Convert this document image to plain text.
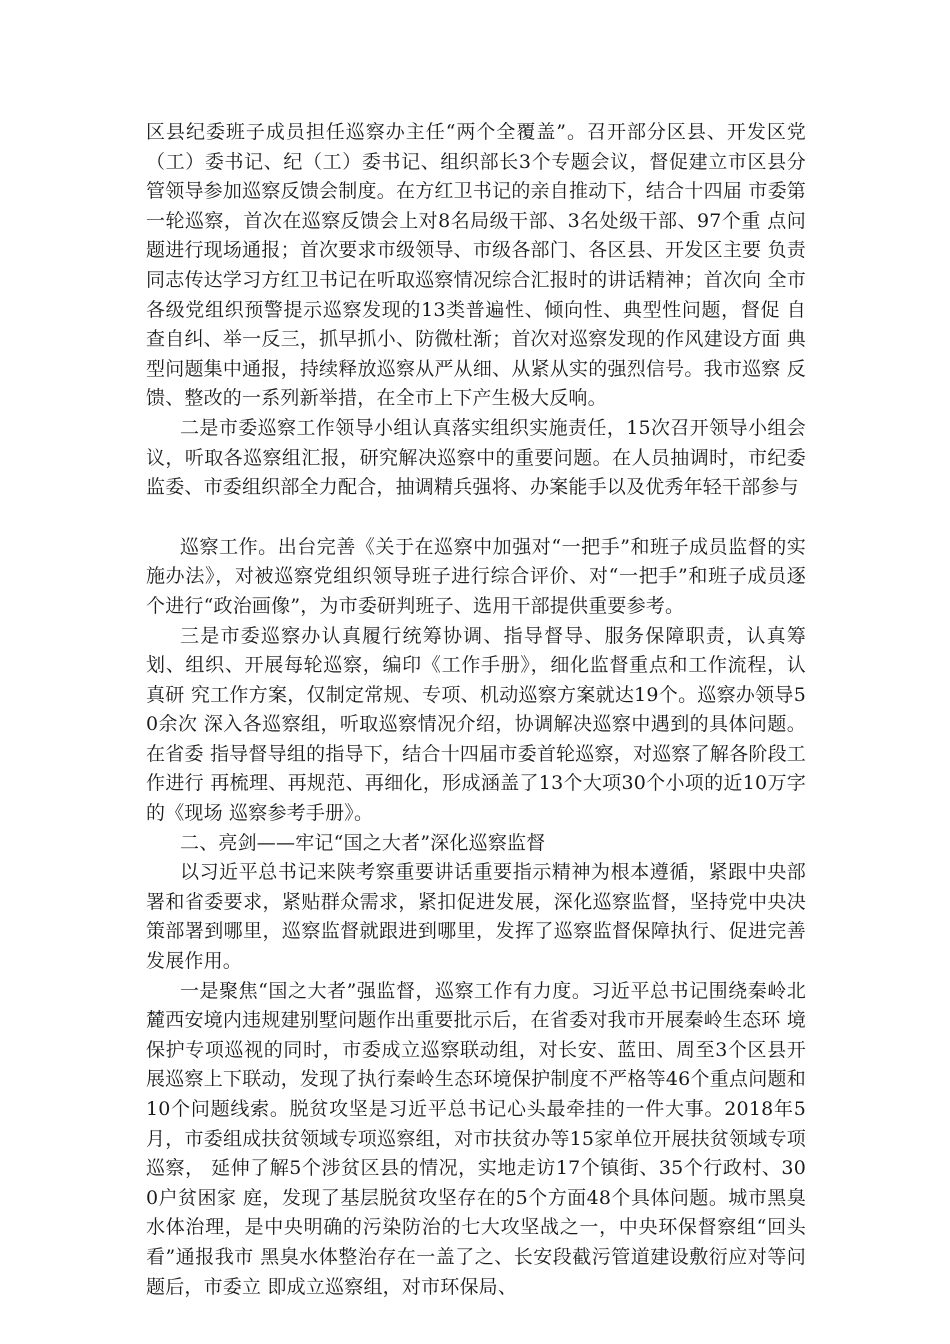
区县纪委班子成员担任巡察办主任“两个全覆盖”。召开部分区县、开发区党（工）委书记、纪（工）委书记、组织部长3个专题会议，督促建立市区县分管领导参加巡察反馈会制度。在方红卫书记的亲自推动下，结合十四届 市委第一轮巡察，首次在巡察反馈会上对8名局级干部、3名处级干部、97个重 点问题进行现场通报；首次要求市级领导、市级各部门、各区县、开发区主要 负责同志传达学习方红卫书记在听取巡察情况综合汇报时的讲话精神；首次向 全市各级党组织预警提示巡察发现的13类普遍性、倾向性、典型性问题，督促 自查自纠、举一反三，抓早抓小、防微杜渐；首次对巡察发现的作风建设方面 典型问题集中通报，持续释放巡察从严从细、从紧从实的强烈信号。我市巡察 反馈、整改的一系列新举措，在全市上下产生极大反响。

二是市委巡察工作领导小组认真落实组织实施责任，15次召开领导小组会议，听取各巡察组汇报，研究解决巡察中的重要问题。在人员抽调时，市纪委监委、市委组织部全力配合，抽调精兵强将、办案能手以及优秀年轻干部参与

巡察工作。出台完善《关于在巡察中加强对“一把手”和班子成员监督的实施办法》，对被巡察党组织领导班子进行综合评价、对“一把手”和班子成员逐个进行“政治画像”，为市委研判班子、选用干部提供重要参考。

三是市委巡察办认真履行统筹协调、指导督导、服务保障职责，认真筹划、组织、开展每轮巡察，编印《工作手册》，细化监督重点和工作流程，认真研 究工作方案，仅制定常规、专项、机动巡察方案就达19个。巡察办领导50余次 深入各巡察组，听取巡察情况介绍，协调解决巡察中遇到的具体问题。在省委 指导督导组的指导下，结合十四届市委首轮巡察，对巡察了解各阶段工作进行 再梳理、再规范、再细化，形成涵盖了13个大项30个小项的近10万字的《现场 巡察参考手册》。

二、亮剑——牢记“国之大者”深化巡察监督

以习近平总书记来陕考察重要讲话重要指示精神为根本遵循，紧跟中央部署和省委要求，紧贴群众需求，紧扣促进发展，深化巡察监督，坚持党中央决策部署到哪里，巡察监督就跟进到哪里，发挥了巡察监督保障执行、促进完善发展作用。

一是聚焦“国之大者”强监督，巡察工作有力度。习近平总书记围绕秦岭北麓西安境内违规建别墅问题作出重要批示后，在省委对我市开展秦岭生态环 境保护专项巡视的同时，市委成立巡察联动组，对长安、蓝田、周至3个区县开展巡察上下联动，发现了执行秦岭生态环境保护制度不严格等46个重点问题和10个问题线索。脱贫攻坚是习近平总书记心头最牵挂的一件大事。2018年5月，市委组成扶贫领域专项巡察组，对市扶贫办等15家单位开展扶贫领域专项巡察， 延伸了解5个涉贫区县的情况，实地走访17个镇街、35个行政村、300户贫困家 庭，发现了基层脱贫攻坚存在的5个方面48个具体问题。城市黑臭水体治理，是中央明确的污染防治的七大攻坚战之一，中央环保督察组“回头看”通报我市 黑臭水体整治存在一盖了之、长安段截污管道建设敷衍应对等问题后，市委立 即成立巡察组，对市环保局、
